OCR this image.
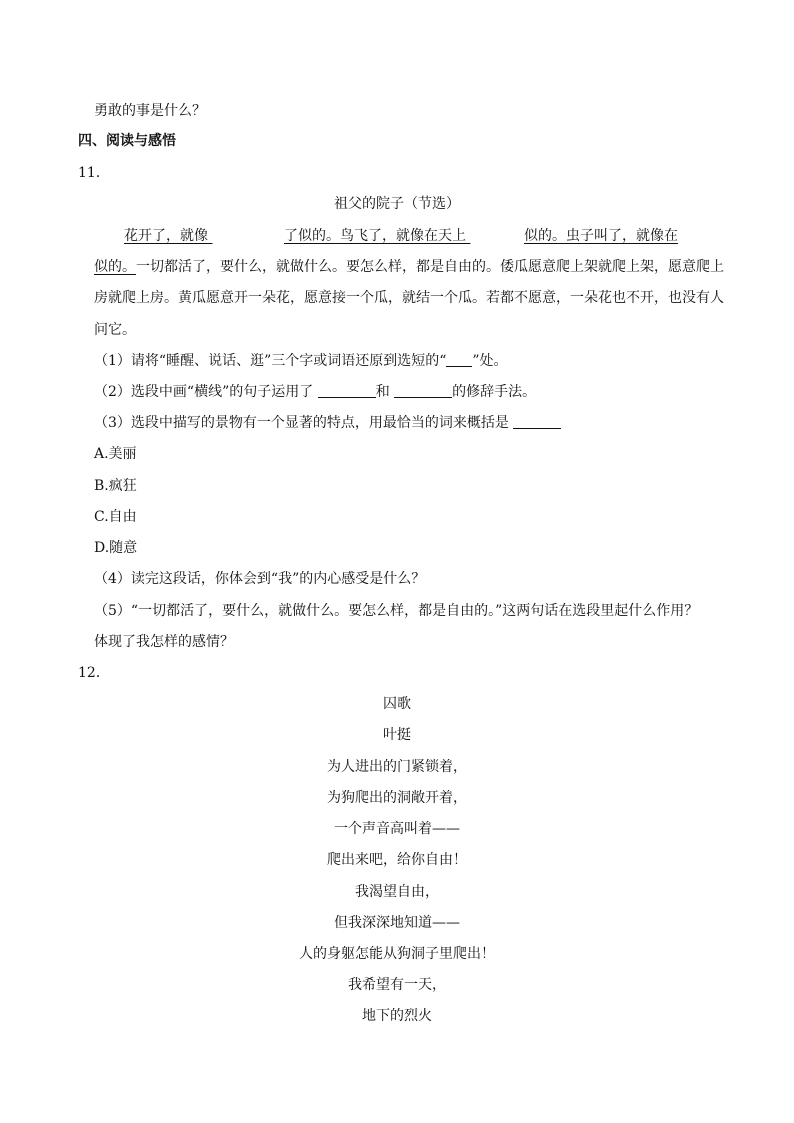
勇敢的事是什么？
四、阅读与感悟
11．
祖父的院子（节选）
花开了，就像	了似的。鸟飞了，就像在天上	似的。虫子叫了，就像在
似的。一切都活了，要什么，就做什么。要怎么样，都是自由的。倭瓜愿意爬上架就爬上架，愿意爬上
房就爬上房。黄瓜愿意开一朵花，愿意接一个瓜，就结一个瓜。若都不愿意，一朵花也不开，也没有人
问它。
（1）请将“睡醒、说话、逛”三个字或词语还原到选短的“ ”处。
（2）选段中画“横线”的句子运用了	和	的修辞手法。
（3）选段中描写的景物有一个显著的特点，用最恰当的词来概括是
A.美丽
B.疯狂
C.自由
D.随意
（4）读完这段话，你体会到“我”的内心感受是什么？
（5）“一切都活了，要什么，就做什么。要怎么样，都是自由的。”这两句话在选段里起什么作用？
体现了我怎样的感情？
12．
囚歌
叶挺
为人进出的门紧锁着，
为狗爬出的洞敞开着，
一个声音高叫着——
爬出来吧，给你自由！
我渴望自由，
但我深深地知道——
人的身躯怎能从狗洞子里爬出！
我希望有一天，
地下的烈火
